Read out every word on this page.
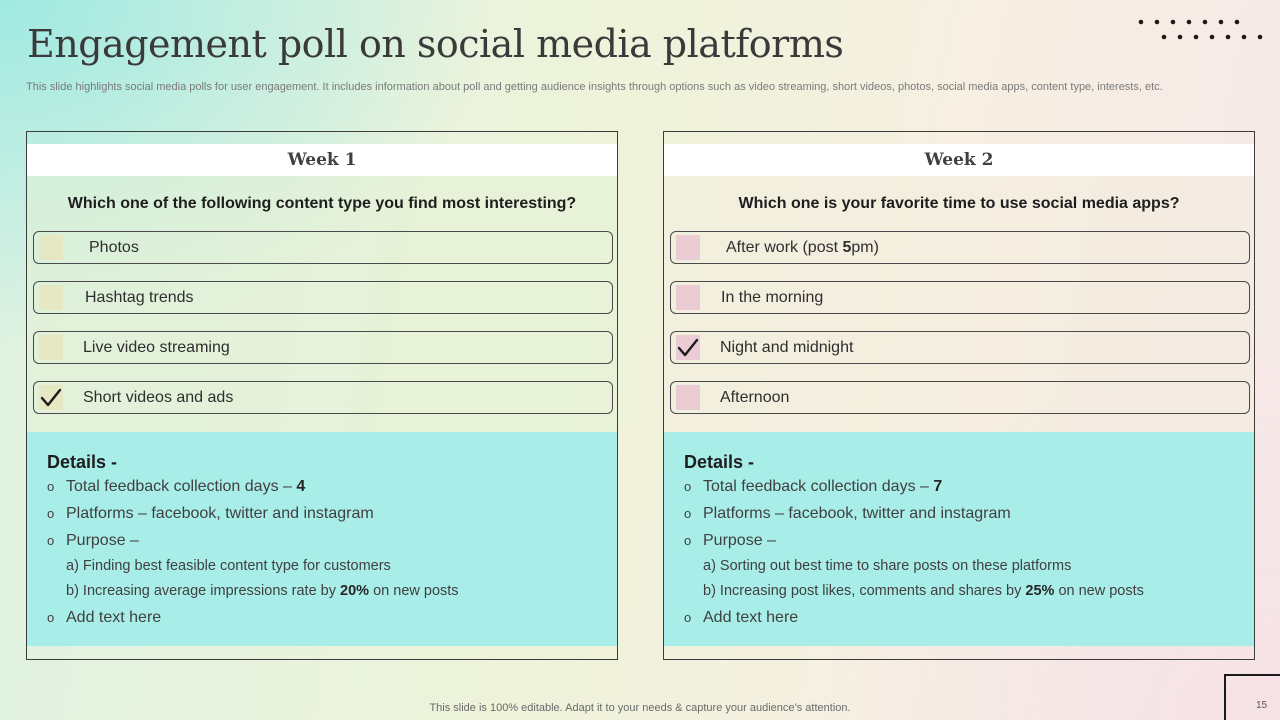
Engagement poll on social media platforms
This slide highlights social media polls for user engagement. It includes information about poll and getting audience insights through options such as video streaming, short videos, photos, social media apps, content type, interests, etc.
Week 1
Which one of the following content type you find most interesting?
Photos
Hashtag trends
Live video streaming
Short videos and ads
Details -
o Total feedback collection days – 4
o Platforms – facebook, twitter and instagram
o Purpose –
a) Finding best feasible content type for customers
b) Increasing average impressions rate by 20% on new posts
o Add text here
Week 2
Which one is your favorite time to use social media apps?
After work (post 5pm)
In the morning
Night and midnight
Afternoon
Details -
o Total feedback collection days – 7
o Platforms – facebook, twitter and instagram
o Purpose –
a) Sorting out best time to share posts on these platforms
b) Increasing post likes, comments and shares by 25% on new posts
o Add text here
This slide is 100% editable. Adapt it to your needs & capture your audience’s attention.	15
